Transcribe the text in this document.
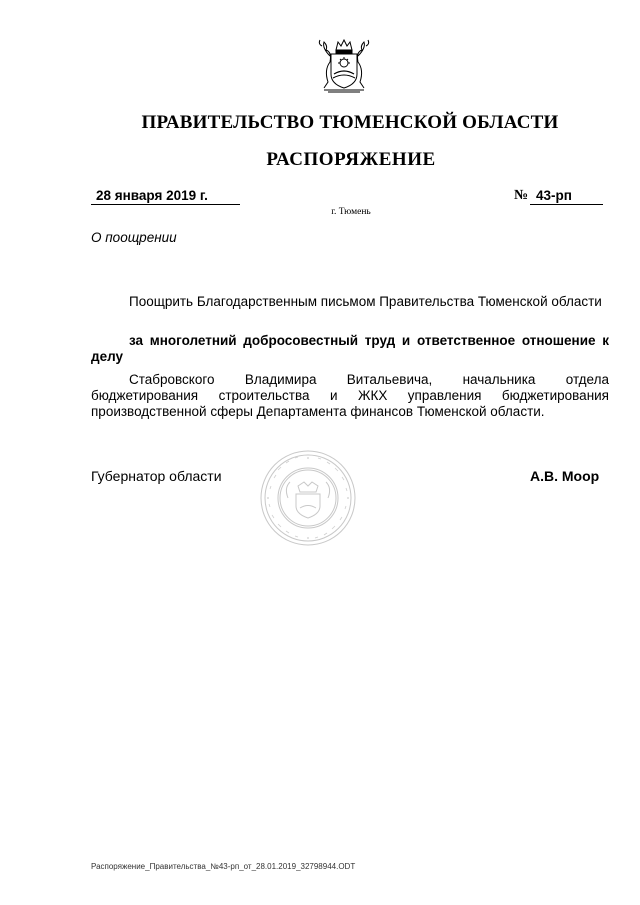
ПРАВИТЕЛЬСТВО ТЮМЕНСКОЙ ОБЛАСТИ
РАСПОРЯЖЕНИЕ
28 января 2019 г.	№ 43-рп
г. Тюмень
О поощрении
Поощрить Благодарственным письмом Правительства Тюменской области
за многолетний добросовестный труд и ответственное отношение к делу
Стабровского Владимира Витальевича, начальника отдела бюджетирования строительства и ЖКХ управления бюджетирования производственной сферы Департамента финансов Тюменской области.
Губернатор области	А.В. Моор
Распоряжение_Правительства_№43-рп_от_28.01.2019_32798944.ODT
